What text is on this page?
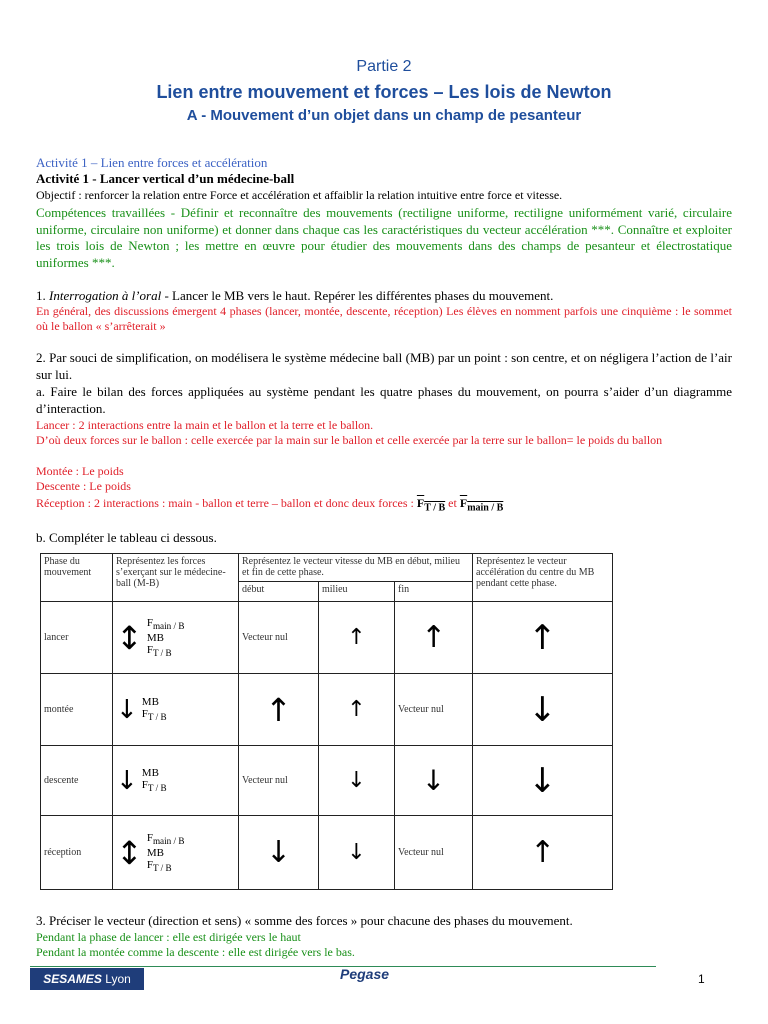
Partie 2
Lien entre mouvement et forces – Les lois de Newton
A - Mouvement d’un objet dans un champ de pesanteur
Activité 1 – Lien entre forces et accélération
Activité 1 - Lancer vertical d’un médecine-ball
Objectif : renforcer la relation entre Force et accélération et affaiblir la relation intuitive entre force et vitesse.
Compétences travaillées - Définir et reconnaître des mouvements (rectiligne uniforme, rectiligne uniformément varié, circulaire uniforme, circulaire non uniforme) et donner dans chaque cas les caractéristiques du vecteur accélération ***. Connaître et exploiter les trois lois de Newton ; les mettre en œuvre pour étudier des mouvements dans des champs de pesanteur et électrostatique uniformes ***.
1. Interrogation à l’oral - Lancer le MB vers le haut. Repérer les différentes phases du mouvement.
En général, des discussions émergent 4 phases (lancer, montée, descente, réception) Les élèves en nomment parfois une cinquième : le sommet où le ballon « s’arrêterait »
2. Par souci de simplification, on modélisera le système médecine ball (MB) par un point : son centre, et on négligera l’action de l’air sur lui.
a. Faire le bilan des forces appliquées au système pendant les quatre phases du mouvement, on pourra s’aider d’un diagramme d’interaction.
Lancer : 2 interactions entre la main et le ballon et la terre et le ballon.
D’où deux forces sur le ballon : celle exercée par la main sur le ballon et celle exercée par la terre sur le ballon= le poids du ballon
Montée : Le poids
Descente : Le poids
Réception : 2 interactions : main - ballon et terre – ballon et donc deux forces : $F_{T / B}$ et $F_{main / B}$
b. Compléter le tableau ci dessous.
Phase du mouvement	Représentez les forces s’exerçant sur le médecine-ball (M-B)	Représentez le vecteur vitesse du MB en début, milieu et fin de cette phase.			Représentez le vecteur accélération du centre du MB pendant cette phase.
		début	milieu	fin	
lancer	↕ $F_{main / B}$
MB
$F_{T / B}$	Vecteur nul	↑	↑	↑
montée	↓ MB
$F_{T / B}$	↑	↑	Vecteur nul	↓
descente	↓ MB
$F_{T / B}$	Vecteur nul	↓	↓	↓
réception	↕ $F_{main / B}$
MB
$F_{T / B}$	↓	↓	Vecteur nul	↑
3. Préciser le vecteur (direction et sens) « somme des forces » pour chacune des phases du mouvement.
Pendant la phase de lancer : elle est dirigée vers le haut
Pendant la montée comme la descente : elle est dirigée vers le bas.
SESAMES Lyon	Pegase	1
